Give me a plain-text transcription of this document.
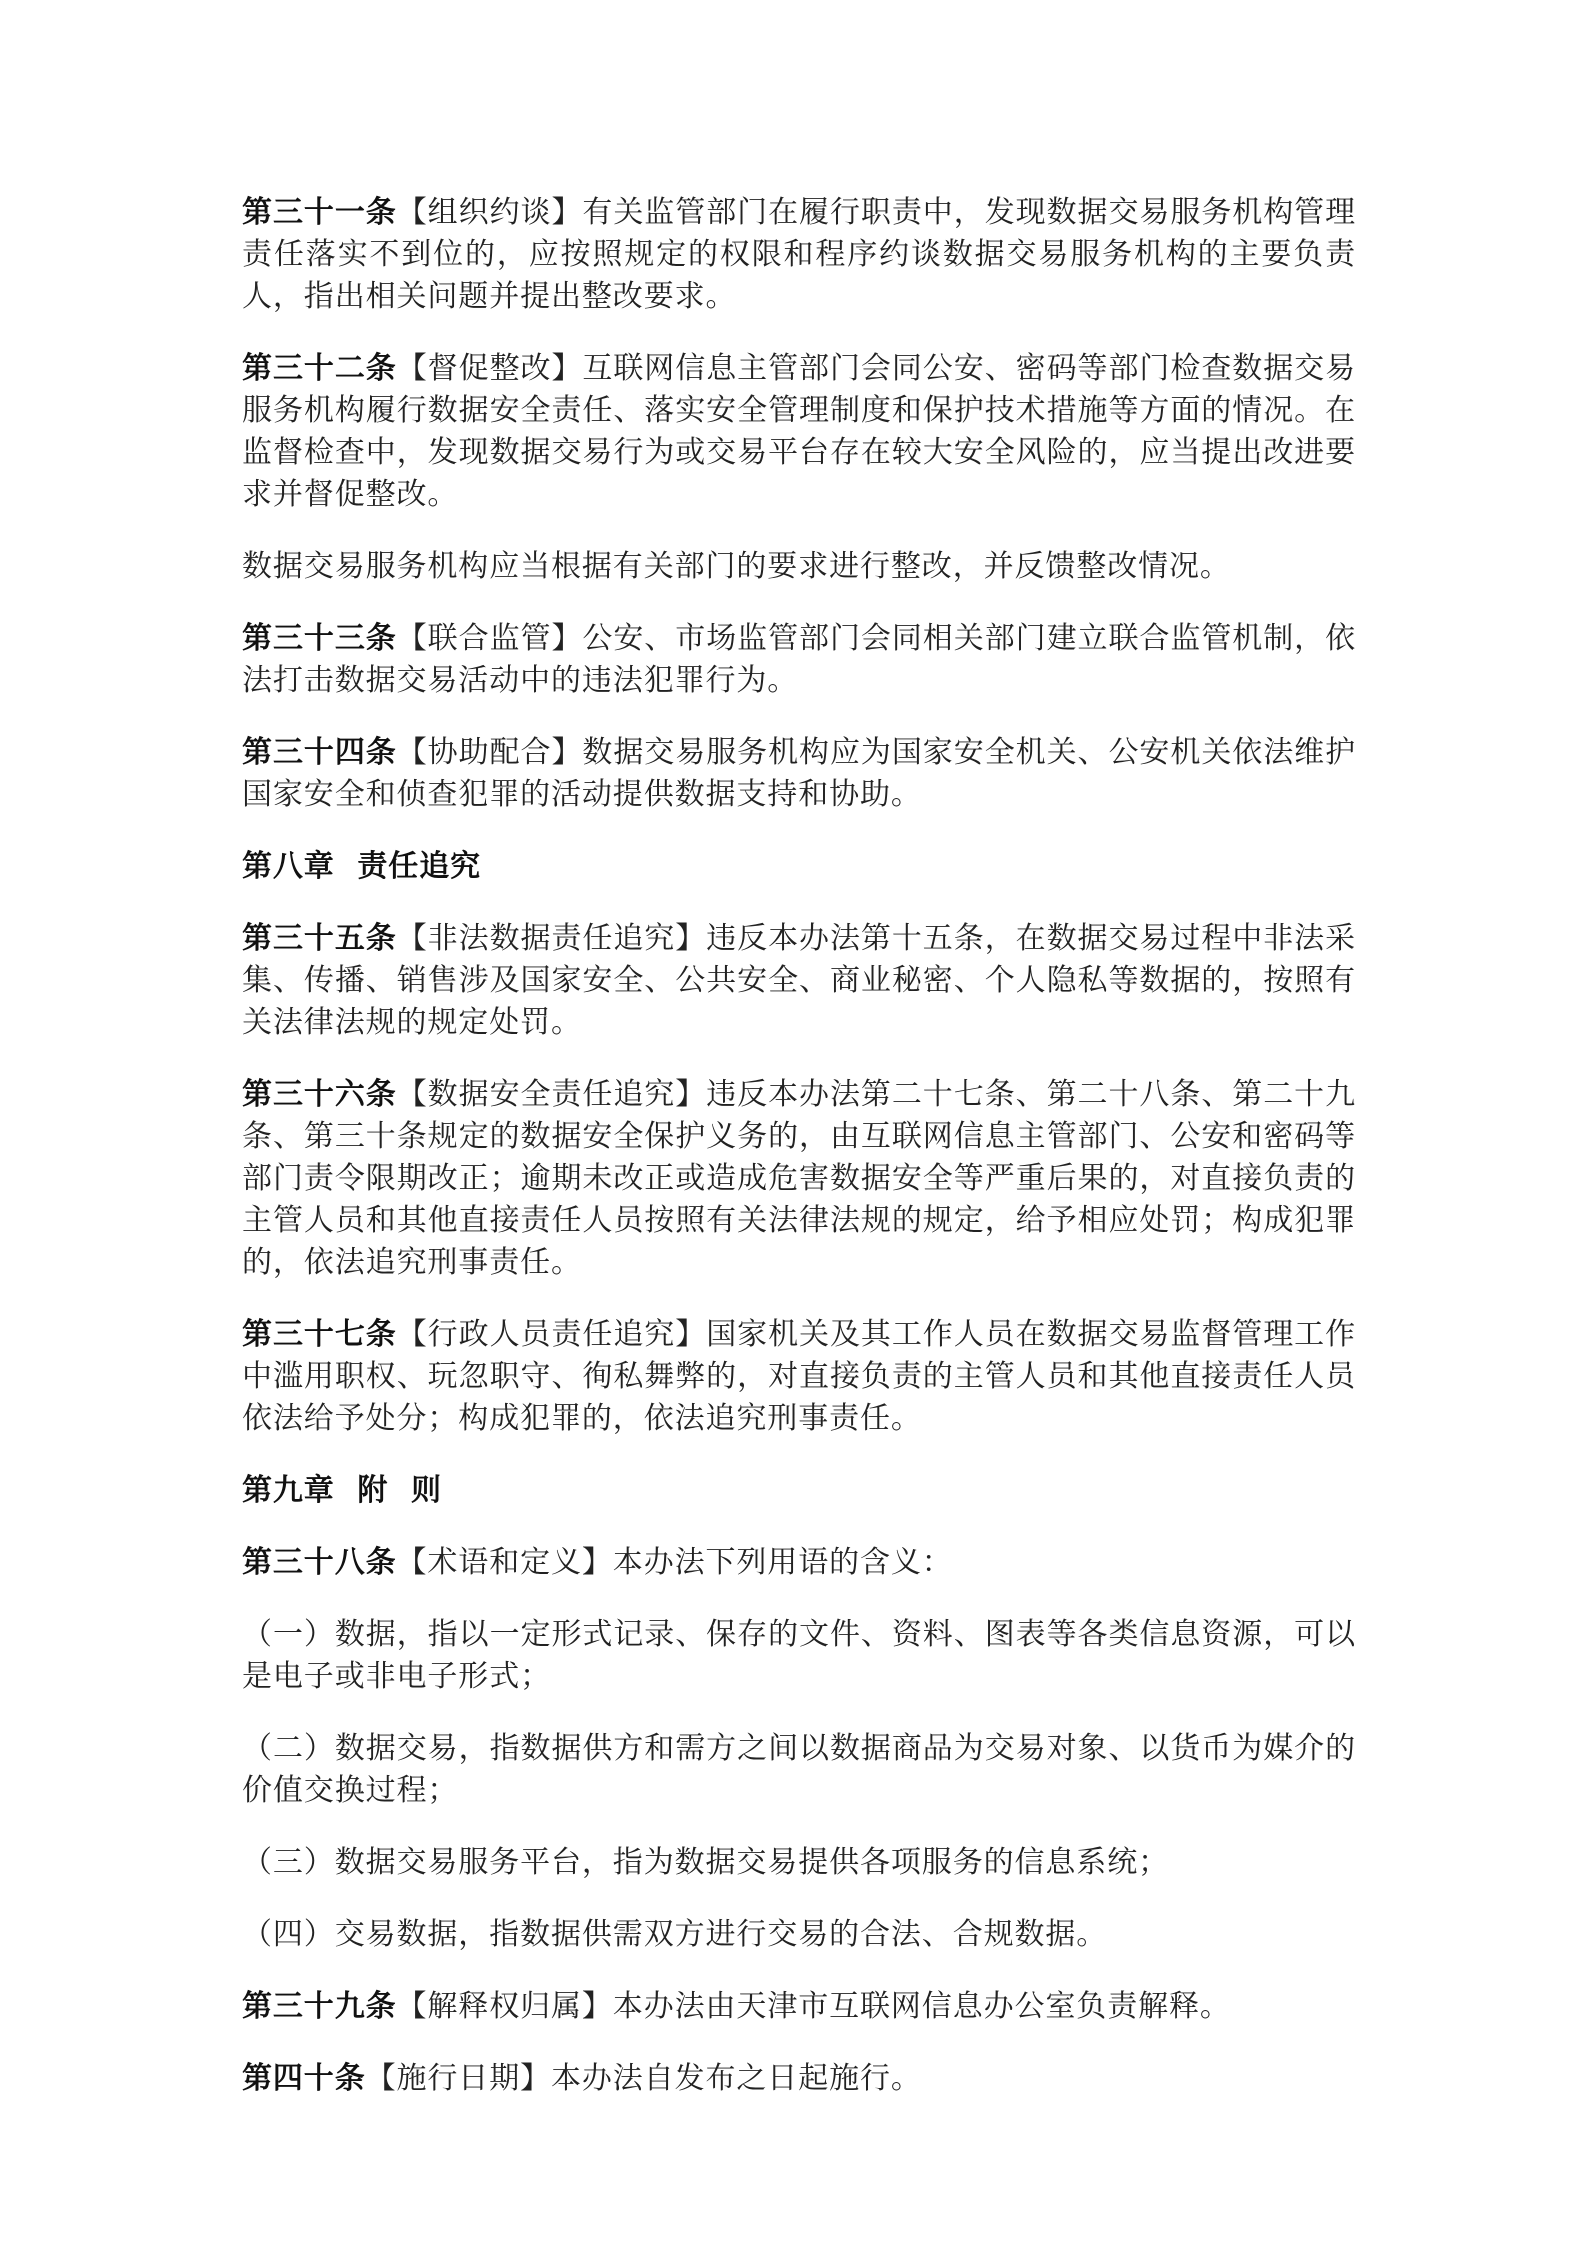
第三十一条【组织约谈】有关监管部门在履行职责中，发现数据交易服务机构管理责任落实不到位的，应按照规定的权限和程序约谈数据交易服务机构的主要负责人，指出相关问题并提出整改要求。

第三十二条【督促整改】互联网信息主管部门会同公安、密码等部门检查数据交易服务机构履行数据安全责任、落实安全管理制度和保护技术措施等方面的情况。在监督检查中，发现数据交易行为或交易平台存在较大安全风险的，应当提出改进要求并督促整改。

数据交易服务机构应当根据有关部门的要求进行整改，并反馈整改情况。

第三十三条【联合监管】公安、市场监管部门会同相关部门建立联合监管机制，依法打击数据交易活动中的违法犯罪行为。

第三十四条【协助配合】数据交易服务机构应为国家安全机关、公安机关依法维护国家安全和侦查犯罪的活动提供数据支持和协助。

第八章  责任追究

第三十五条【非法数据责任追究】违反本办法第十五条，在数据交易过程中非法采集、传播、销售涉及国家安全、公共安全、商业秘密、个人隐私等数据的，按照有关法律法规的规定处罚。

第三十六条【数据安全责任追究】违反本办法第二十七条、第二十八条、第二十九条、第三十条规定的数据安全保护义务的，由互联网信息主管部门、公安和密码等部门责令限期改正；逾期未改正或造成危害数据安全等严重后果的，对直接负责的主管人员和其他直接责任人员按照有关法律法规的规定，给予相应处罚；构成犯罪的，依法追究刑事责任。

第三十七条【行政人员责任追究】国家机关及其工作人员在数据交易监督管理工作中滥用职权、玩忽职守、徇私舞弊的，对直接负责的主管人员和其他直接责任人员依法给予处分；构成犯罪的，依法追究刑事责任。

第九章  附  则

第三十八条【术语和定义】本办法下列用语的含义：

（一）数据，指以一定形式记录、保存的文件、资料、图表等各类信息资源，可以是电子或非电子形式；

（二）数据交易，指数据供方和需方之间以数据商品为交易对象、以货币为媒介的价值交换过程；

（三）数据交易服务平台，指为数据交易提供各项服务的信息系统；

（四）交易数据，指数据供需双方进行交易的合法、合规数据。

第三十九条【解释权归属】本办法由天津市互联网信息办公室负责解释。

第四十条【施行日期】本办法自发布之日起施行。
